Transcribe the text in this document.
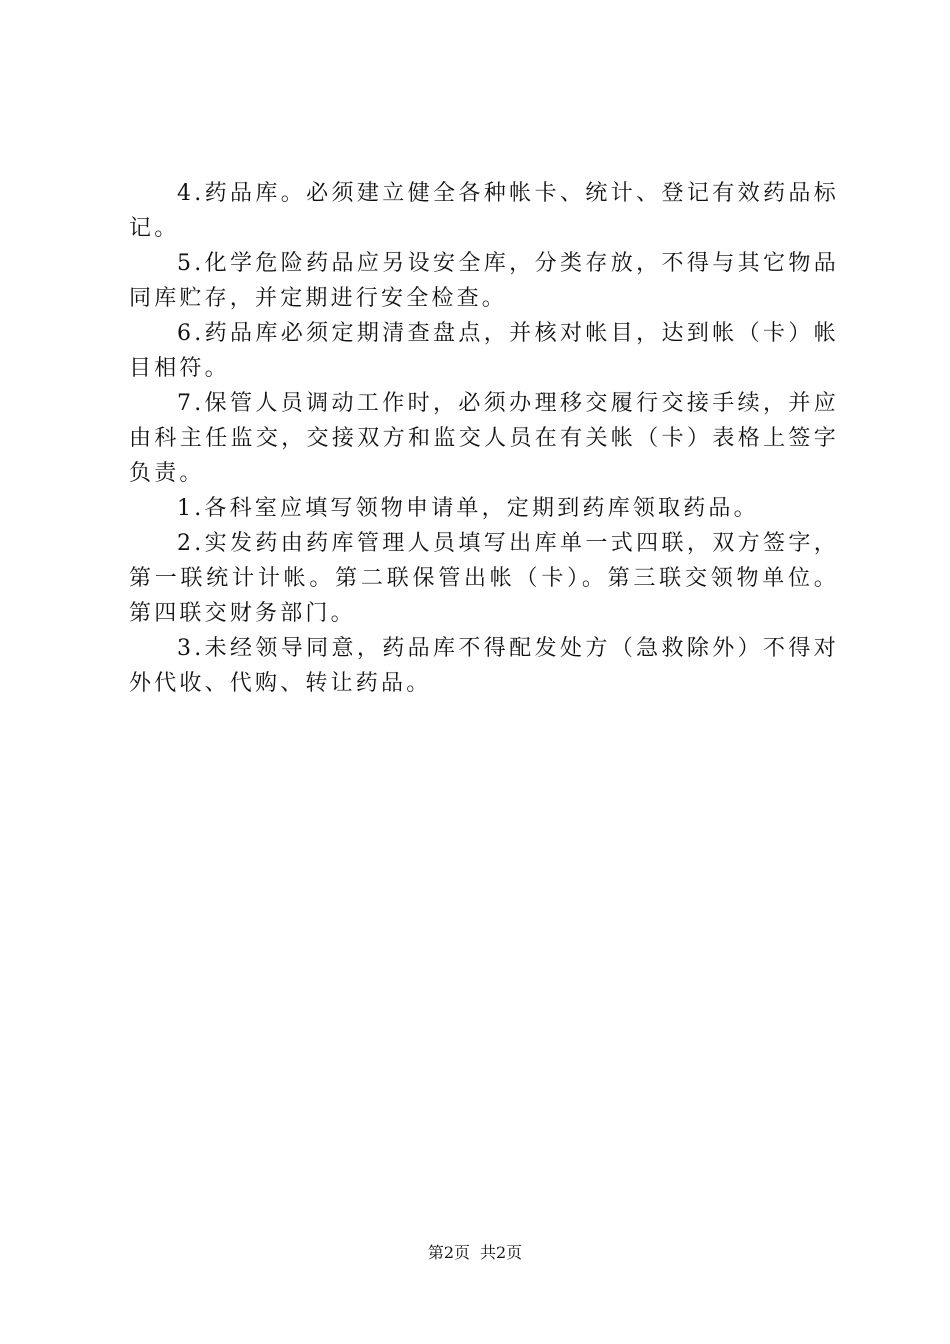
4.药品库。必须建立健全各种帐卡、统计、登记有效药品标记。

5.化学危险药品应另设安全库，分类存放，不得与其它物品同库贮存，并定期进行安全检查。

6.药品库必须定期清查盘点，并核对帐目，达到帐（卡）帐目相符。

7.保管人员调动工作时，必须办理移交履行交接手续，并应由科主任监交，交接双方和监交人员在有关帐（卡）表格上签字负责。

1.各科室应填写领物申请单，定期到药库领取药品。

2.实发药由药库管理人员填写出库单一式四联，双方签字，第一联统计计帐。第二联保管出帐（卡）。第三联交领物单位。第四联交财务部门。

3.未经领导同意，药品库不得配发处方（急救除外）不得对外代收、代购、转让药品。

第2页 共2页
